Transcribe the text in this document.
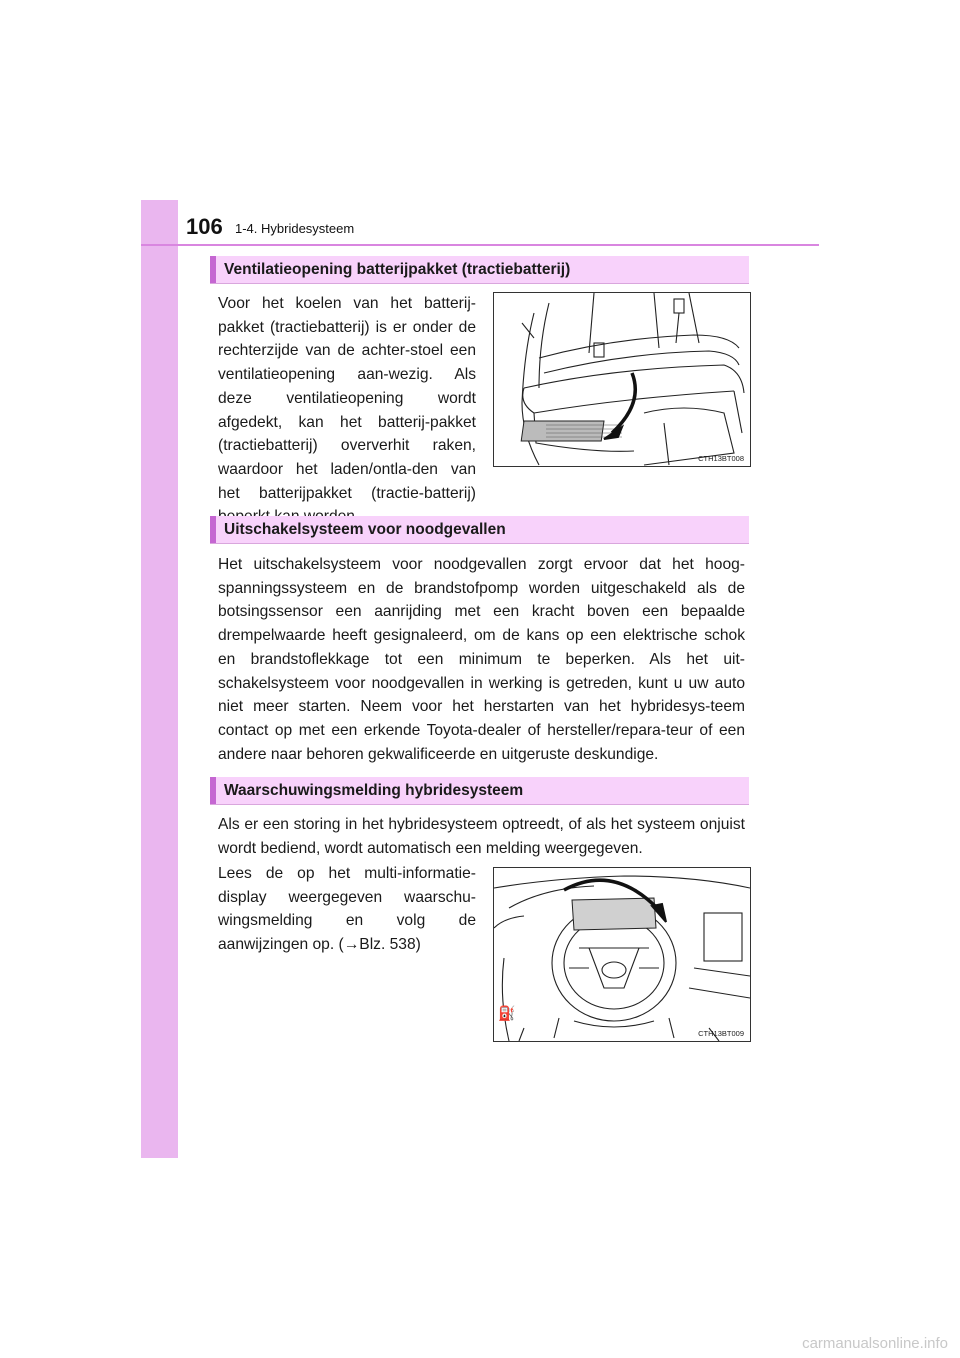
106 1-4. Hybridesysteem
Ventilatieopening batterijpakket (tractiebatterij)

Voor het koelen van het batterij-pakket (tractiebatterij) is er onder de rechterzijde van de achter-stoel een ventilatieopening aan-wezig. Als deze ventilatieopening wordt afgedekt, kan het batterij-pakket (tractiebatterij) oververhit raken, waardoor het laden/ontla-den van het batterijpakket (tractie-batterij)

CTH13BT008
Uitschakelsysteem voor noodgevallen

Het uitschakelsysteem voor noodgevallen zorgt ervoor dat het hoog-spanningssysteem en de brandstofpomp worden uitgeschakeld als de botsingssensor een aanrijding met een kracht boven een bepaalde drempelwaarde heeft gesignaleerd, om de kans op een elektrische schok en brandstoflekkage tot een minimum te beperken. Als het uit-schakelsysteem voor noodgevallen in werking is getreden, kunt u uw auto niet meer starten. Neem voor het herstarten van het hybridesys-teem contact op met een erkende Toyota-dealer of hersteller/repara-teur of een andere naar behoren gekwalificeerde en uitgeruste deskundige.

Waarschuwingsmelding hybridesysteem

Als er een storing in het hybridesysteem optreedt, of als het systeem onjuist wordt bediend, wordt automatisch een melding weergegeven.

Lees de op het multi-informatie-display weergegeven waarschu-wingsmelding en volg de aanwijzingen op. (→Blz. 538)

⛽
CTH13BT009
carmanualsonline.info
